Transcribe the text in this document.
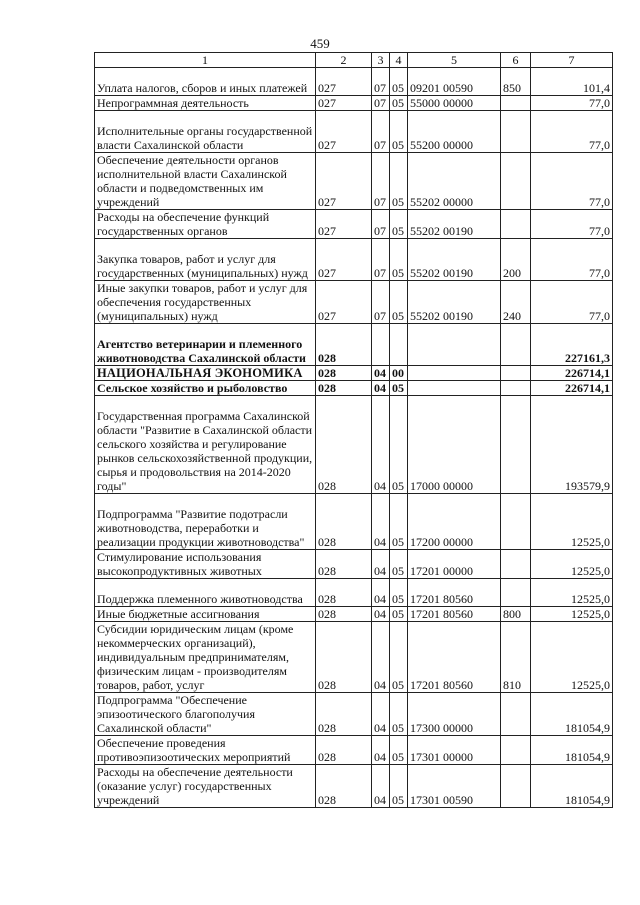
459
1	2	3	4	5	6	7
Уплата налогов, сборов и иных платежей	027	07	05	09201 00590	850	101,4
Непрограммная деятельность	027	07	05	55000 00000		77,0
Исполнительные органы государственной власти Сахалинской области	027	07	05	55200 00000		77,0
Обеспечение деятельности органов исполнительной власти Сахалинской области и подведомственных им учреждений	027	07	05	55202 00000		77,0
Расходы на обеспечение функций государственных органов	027	07	05	55202 00190		77,0
Закупка товаров, работ и услуг для государственных (муниципальных) нужд	027	07	05	55202 00190	200	77,0
Иные закупки товаров, работ и услуг для обеспечения государственных (муниципальных) нужд	027	07	05	55202 00190	240	77,0
Агентство ветеринарии и племенного животноводства Сахалинской области	028					227161,3
НАЦИОНАЛЬНАЯ ЭКОНОМИКА	028	04	00			226714,1
Сельское хозяйство и рыболовство	028	04	05			226714,1
Государственная программа Сахалинской области "Развитие в Сахалинской области сельского хозяйства и регулирование рынков сельскохозяйственной продукции, сырья и продовольствия на 2014-2020 годы"	028	04	05	17000 00000		193579,9
Подпрограмма "Развитие подотрасли животноводства, переработки и реализации продукции животноводства"	028	04	05	17200 00000		12525,0
Стимулирование использования высокопродуктивных животных	028	04	05	17201 00000		12525,0
Поддержка племенного животноводства	028	04	05	17201 80560		12525,0
Иные бюджетные ассигнования	028	04	05	17201 80560	800	12525,0
Субсидии юридическим лицам (кроме некоммерческих организаций), индивидуальным предпринимателям, физическим лицам - производителям товаров, работ, услуг	028	04	05	17201 80560	810	12525,0
Подпрограмма "Обеспечение эпизоотического благополучия Сахалинской области"	028	04	05	17300 00000		181054,9
Обеспечение проведения противоэпизоотических мероприятий	028	04	05	17301 00000		181054,9
Расходы на обеспечение деятельности (оказание услуг) государственных учреждений	028	04	05	17301 00590		181054,9
